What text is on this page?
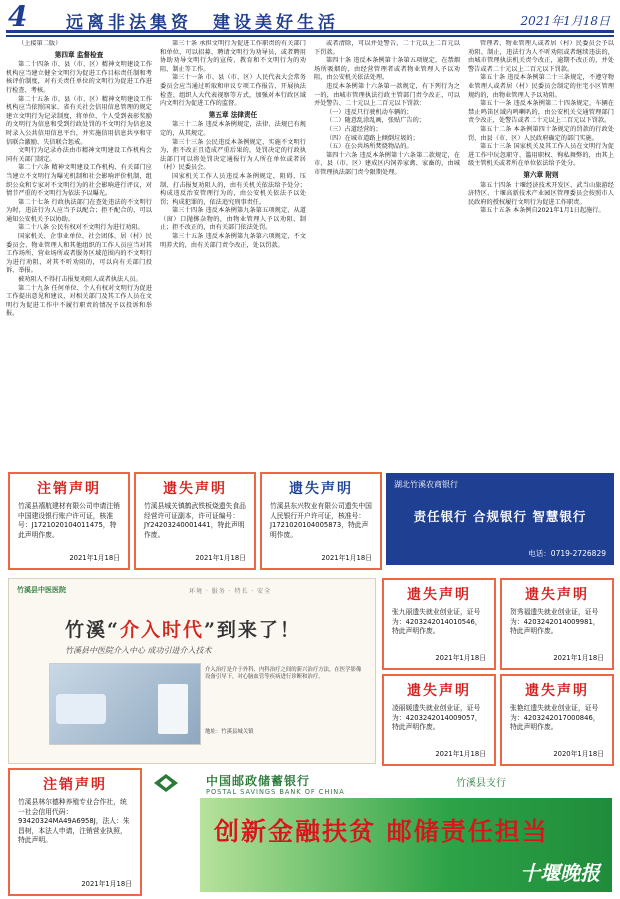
4 远离非法集资　建设美好生活	2021年1月18日

（上接第二版）

第四章 监督检查

第二十四条 市、县（市、区）精神文明建设工作机构应当建立健全文明行为促进工作目标责任制和考核评价制度，对有关责任单位的文明行为促进工作进行检查、考核。

第二十五条 市、县（市、区）精神文明建设工作机构应当依照国家、省有关社会信用信息管理的规定建立文明行为记录制度，将单位、个人受到表彰奖励的文明行为信息和受到行政处罚的不文明行为信息及时录入公共信用信息平台，并实施信用信息共享和守信联合激励、失信联合惩戒。

文明行为记录办法由市精神文明建设工作机构会同有关部门制定。

第二十六条 精神文明建设工作机构、有关部门应当建立不文明行为曝光机制和社会影响评价机制，组织公众和专家对不文明行为的社会影响进行评议，对情节严重的不文明行为依法予以曝光。

第二十七条 行政执法部门在查处违法的不文明行为时，违法行为人应当予以配合；拒不配合的，可以通知公安机关予以协助。

第二十八条 公民有权对不文明行为进行劝阻。

国家机关、企事业单位、社会团体、居（村）民委员会、物业管理人和其他组织的工作人员应当对其工作场所、营业场所或者服务区域范围内的不文明行为进行劝阻，对其不听劝阻的，可以向有关部门投诉、举报。

被劝阻人不得打击报复劝阻人或者执法人员。

第二十九条 任何单位、个人有权对文明行为促进工作提出意见和建议，对相关部门及其工作人员在文明行为促进工作中不履行职责的情况予以投诉和举报。

第三十条 承担文明行为促进工作职责的有关部门和单位，可以招募、聘请文明行为劝导员，或者聘用协助劝导文明行为的宣传、教育和不文明行为的劝阻、制止等工作。

第三十一条 市、县（市、区）人民代表大会常务委员会应当通过听取和审议专项工作报告、开展执法检查、组织人大代表视察等方式，加强对本行政区域内文明行为促进工作的监督。

第五章 法律责任

第三十二条 违反本条例规定，法律、法规已有规定的，从其规定。

第三十三条 公民违反本条例规定，实施不文明行为，拒不改正且造成严重后果的，处罚决定的行政执法部门可以将处罚决定通报行为人所在单位或者居（村）民委员会。

国家机关工作人员违反本条例规定，阻碍、压制、打击报复劝阻人的，由有关机关依法给予处分；构成违反治安管理行为的，由公安机关依法予以处罚；构成犯罪的，依法追究刑事责任。

第三十四条 违反本条例第九条第五项规定，从道（窗）口抛掷杂物的，由物业管理人予以劝阻、制止；拒不改正的，由有关部门依法处罚。

第三十五条 违反本条例第九条第六项规定，不文明养犬的，由有关部门责令改正，处以罚款。

或者清除，可以并处警告、二十元以上二百元以下罚款。

第四十条 违反本条例第十条第五项规定，在禁烟场所吸烟的，由经营管理者或者物业管理人予以劝阻，由公安机关依法处理。

违反本条例第十六条第一款规定，有下列行为之一的，由城市管理执法行政主管部门责令改正，可以并处警告、二十元以上二百元以下罚款：

（一）违反只行驶机动车辆的；

（二）随意乱涂乱画，张贴广告的；

（三）占道经营的；

（四）在城市道路上倾倒垃圾的；

（五）在公共场所焚烧物品的。

第四十六条 违反本条例第十六条第二款规定，在市、县（市、区）建成区内饲养家禽、家畜的，由城市管理执法部门责令限期处理。

管理者、物业管理人或者居（村）民委员会予以劝阻、制止，违法行为人不听劝阻或者继续违法的，由城市管理执法机关责令改正，逾期不改正的，并处警告或者二十元以上二百元以下罚款。

第五十条 违反本条例第二十三条规定，不遵守物业管理人或者居（村）民委员会制定的住宅小区管理规约的，由物业管理人予以劝阻。

第五十一条 违反本条例第二十四条规定，车辆在禁止鸣笛区域内鸣喇叭的，由公安机关交通管理部门责令改正，处警告或者二十元以上二百元以下罚款。

第五十二条 本条例第四十条规定的罚款的行政处罚，由县（市、区）人民政府确定的部门实施。

第五十三条 国家机关及其工作人员在文明行为促进工作中玩忽职守、滥用职权、徇私舞弊的，由其上级主管机关或者所在单位依法给予处分。

第六章 附则

第五十四条 十堰经济技术开发区、武当山旅游经济特区、十堰高新技术产业园区管理委员会按照市人民政府的授权履行文明行为促进工作职责。

第五十五条 本条例自2021年1月1日起施行。

注销声明
竹溪县禧航建材有限公司申请注销中国建设银行账户许可证，核准号：J1721020104011475，特此声明作废。
2021年1月18日
遗失声明
竹溪县城关镇鹤武铁板烧遗失食品经营许可证副本，许可证编号：JY24203240001441，特此声明作废。
2021年1月18日
遗失声明
竹溪县东兴牧业有限公司遗失中国人民银行开户许可证，核准号：J1721020104005873，特此声明作废。
2021年1月18日
湖北竹溪农商银行
责任银行 合规银行 智慧银行
电话：0719-2726829
竹溪县中医医院	环境 · 服务 · 特长 · 安全
竹溪“介入时代”到来了！
竹溪县中医院介入中心 成功引进介入技术
介入治疗是介于外科、内科治疗之间的新兴治疗方法，在医学影像设备引导下，对心脑血管等疾病进行诊断和治疗。
地址：竹溪县城关镇
遗失声明
张九丽遗失就业创业证，证号为：4203242014010546，特此声明作废。
2021年1月18日
遗失声明
贺秀福遗失就业创业证，证号为：4203242014009981，特此声明作废。
2021年1月18日
遗失声明
凌丽媛遗失就业创业证，证号为：4203242014009057，特此声明作废。
2021年1月18日
遗失声明
张艳红遗失就业创业证，证号为：4203242017000846，特此声明作废。
2020年1月18日
注销声明
竹溪县林尔德种养殖专业合作社，统一社会信用代码：93420324MA49A6958J，法人：朱昌树，本法人申请，注销营业执照，特此声明。
2021年1月18日
中国邮政储蓄银行
POSTAL SAVINGS BANK OF CHINA
竹溪县支行
创新金融扶贫 邮储责任担当
十堰晚报
